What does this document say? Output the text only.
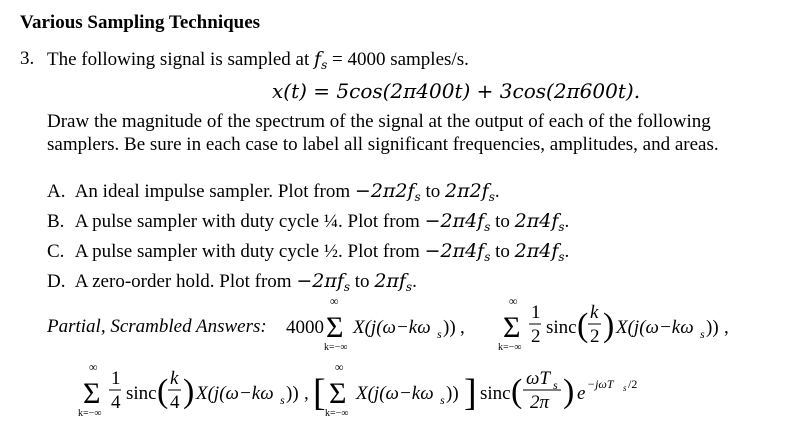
Various Sampling Techniques
3. The following signal is sampled at $f_s = 4000$ samples/s.
x(t) = 5cos(2π400t) + 3cos(2π600t).
Draw the magnitude of the spectrum of the signal at the output of each of the following
samplers. Be sure in each case to label all significant frequencies, amplitudes, and areas.
A. An ideal impulse sampler. Plot from $-2\pi 2f_s$ to $2\pi 2f_s$.
B. A pulse sampler with duty cycle ¼. Plot from $-2\pi 4f_s$ to $2\pi 4f_s$.
C. A pulse sampler with duty cycle ½. Plot from $-2\pi 4f_s$ to $2\pi 4f_s$.
D. A zero-order hold. Plot from $-2\pi f_s$ to $2\pi f_s$.
Partial, Scrambled Answers: 4000
∞
Σ
k=−∞
X(j(ω−kω s )) ,
∞
Σ
k=−∞
1
2 sinc ( k
2 ) X(j(ω−kω s )) ,
∞
Σ
k=−∞
1
4 sinc ( k
4 ) X(j(ω−kω s )) , [
∞
Σ
k=−∞
X(j(ω−kω s )) ] sinc ( ωT s
2π ) e −jωT s /2
